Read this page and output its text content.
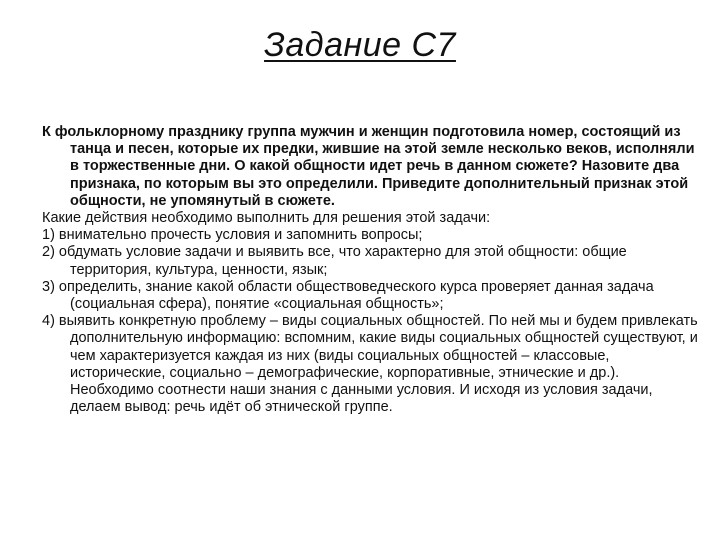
Задание С7

К фольклорному празднику группа мужчин и женщин подготовила номер, состоящий из танца и песен, которые их предки, жившие на этой земле несколько веков, исполняли в торжественные дни. О какой общности идет речь в данном сюжете? Назовите два признака, по которым вы это определили. Приведите дополнительный признак этой общности, не упомянутый в сюжете.

Какие действия необходимо выполнить для решения этой задачи:

1) внимательно прочесть условия и запомнить вопросы;

2) обдумать условие задачи и выявить все, что характерно для этой общности: общие территория, культура, ценности, язык;

3) определить, знание какой области обществоведческого курса проверяет данная задача (социальная сфера), понятие «социальная общность»;

4) выявить конкретную проблему – виды социальных общностей. По ней мы и будем привлекать дополнительную информацию: вспомним, какие виды социальных общностей существуют, и чем характеризуется каждая из них (виды социальных общностей – классовые, исторические, социально – демографические, корпоративные, этнические и др.). Необходимо соотнести наши знания с данными условия. И исходя из условия задачи, делаем вывод: речь идёт об этнической группе.
